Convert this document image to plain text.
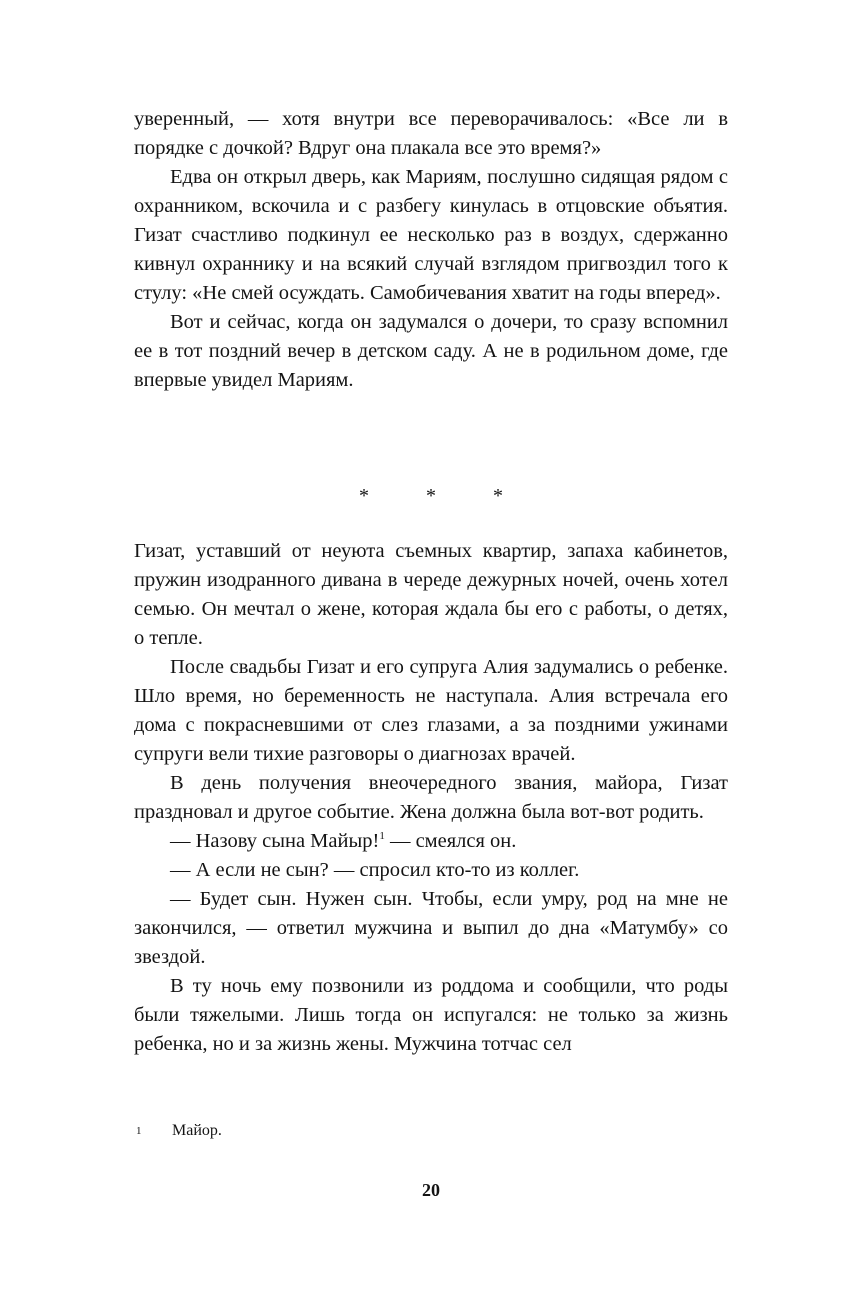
уверенный, — хотя внутри все переворачивалось: «Все ли в порядке с дочкой? Вдруг она плакала все это время?»

Едва он открыл дверь, как Мариям, послушно сидящая рядом с охранником, вскочила и с разбегу кинулась в отцовские объятия. Гизат счастливо подкинул ее несколько раз в воздух, сдержанно кивнул охраннику и на всякий случай взглядом пригвоздил того к стулу: «Не смей осуждать. Самобичевания хватит на годы вперед».

Вот и сейчас, когда он задумался о дочери, то сразу вспомнил ее в тот поздний вечер в детском саду. А не в родильном доме, где впервые увидел Мариям.

* * *

Гизат, уставший от неуюта съемных квартир, запаха кабинетов, пружин изодранного дивана в череде дежурных ночей, очень хотел семью. Он мечтал о жене, которая ждала бы его с работы, о детях, о тепле.

После свадьбы Гизат и его супруга Алия задумались о ребенке. Шло время, но беременность не наступала. Алия встречала его дома с покрасневшими от слез глазами, а за поздними ужинами супруги вели тихие разговоры о диагнозах врачей.

В день получения внеочередного звания, майора, Гизат праздновал и другое событие. Жена должна была вот-вот родить.

— Назову сына Майыр!$^1$ — смеялся он.

— А если не сын? — спросил кто-то из коллег.

— Будет сын. Нужен сын. Чтобы, если умру, род на мне не закончился, — ответил мужчина и выпил до дна «Матумбу» со звездой.

В ту ночь ему позвонили из роддома и сообщили, что роды были тяжелыми. Лишь тогда он испугался: не только за жизнь ребенка, но и за жизнь жены. Мужчина тотчас сел

1 Майор.
20
